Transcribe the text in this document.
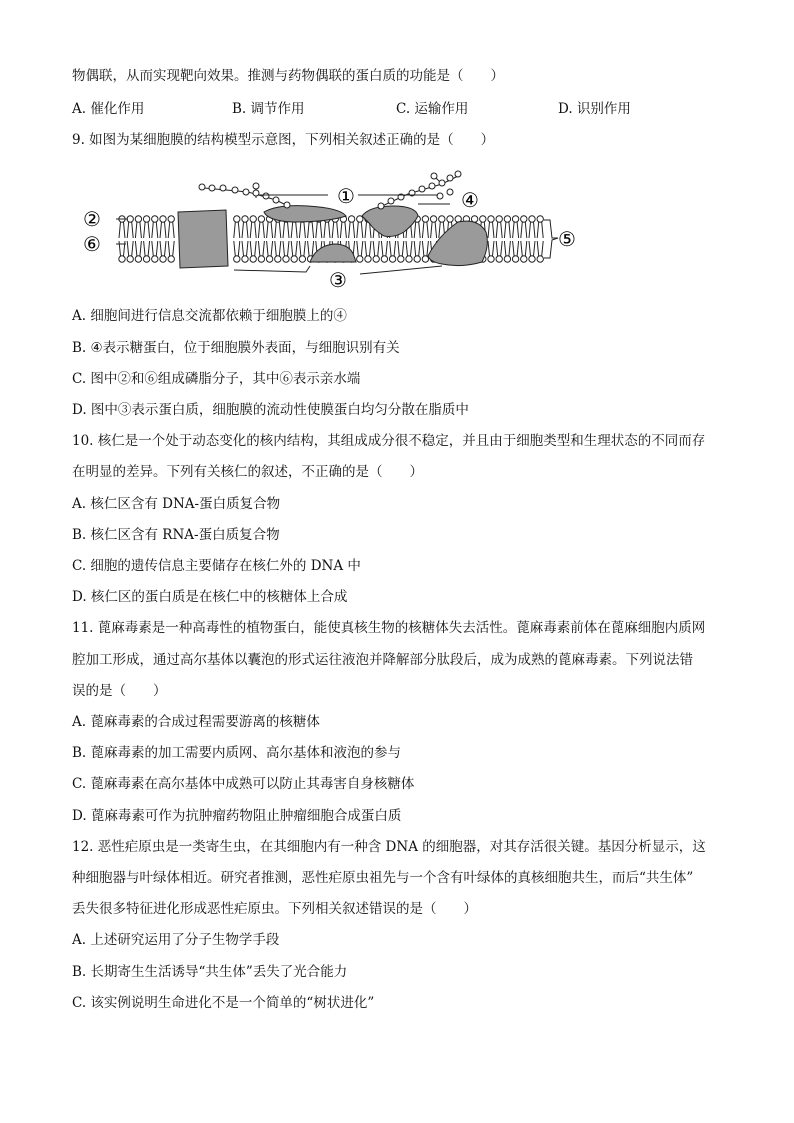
物偶联，从而实现靶向效果。推测与药物偶联的蛋白质的功能是（　　）
A. 催化作用	B. 调节作用	C. 运输作用	D. 识别作用
9. 如图为某细胞膜的结构模型示意图，下列相关叙述正确的是（　　）
①
②
③
④
⑤
⑥
A. 细胞间进行信息交流都依赖于细胞膜上的④
B. ④表示糖蛋白，位于细胞膜外表面，与细胞识别有关
C. 图中②和⑥组成磷脂分子，其中⑥表示亲水端
D. 图中③表示蛋白质，细胞膜的流动性使膜蛋白均匀分散在脂质中
10. 核仁是一个处于动态变化的核内结构，其组成成分很不稳定，并且由于细胞类型和生理状态的不同而存
在明显的差异。下列有关核仁的叙述，不正确的是（　　）
A. 核仁区含有 DNA-蛋白质复合物
B. 核仁区含有 RNA-蛋白质复合物
C. 细胞的遗传信息主要储存在核仁外的 DNA 中
D. 核仁区的蛋白质是在核仁中的核糖体上合成
11. 蓖麻毒素是一种高毒性的植物蛋白，能使真核生物的核糖体失去活性。蓖麻毒素前体在蓖麻细胞内质网
腔加工形成，通过高尔基体以囊泡的形式运往液泡并降解部分肽段后，成为成熟的蓖麻毒素。下列说法错
误的是（　　）
A. 蓖麻毒素的合成过程需要游离的核糖体
B. 蓖麻毒素的加工需要内质网、高尔基体和液泡的参与
C. 蓖麻毒素在高尔基体中成熟可以防止其毒害自身核糖体
D. 蓖麻毒素可作为抗肿瘤药物阻止肿瘤细胞合成蛋白质
12. 恶性疟原虫是一类寄生虫，在其细胞内有一种含 DNA 的细胞器，对其存活很关键。基因分析显示，这
种细胞器与叶绿体相近。研究者推测，恶性疟原虫祖先与一个含有叶绿体的真核细胞共生，而后“共生体”
丢失很多特征进化形成恶性疟原虫。下列相关叙述错误的是（　　）
A. 上述研究运用了分子生物学手段
B. 长期寄生生活诱导“共生体”丢失了光合能力
C. 该实例说明生命进化不是一个简单的“树状进化”
